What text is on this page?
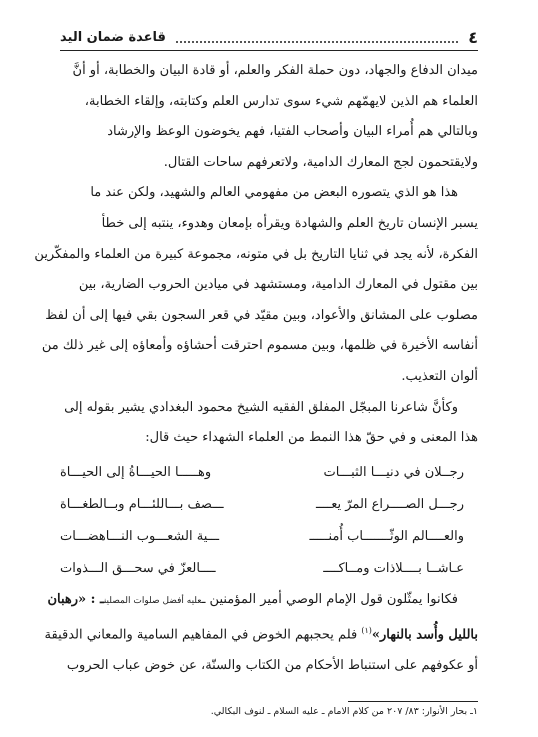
٤
قاعدة ضمان اليد

ميدان الدفاع والجهاد، دون حملة الفكر والعلم، أو قادة البيان والخطابة، أو أنَّ
العلماء هم الذين لايهمّهم شيء سوى تدارس العلم وكتابته، وإلقاء الخطابة،
وبالتالي هم أُمراء البيان وأصحاب الفتيا، فهم يخوضون الوعظ والإرشاد
ولايقتحمون لجج المعارك الدامية، ولاتعرفهم ساحات القتال.

هذا هو الذي يتصوره البعض من مفهومي العالم والشهيد، ولكن عند ما
يسبر الإنسان تاريخ العلم والشهادة ويقرأه بإمعان وهدوء، ينتبه إلى خطأ
الفكرة، لأنه يجد في ثنايا التاريخ بل في متونه، مجموعة كبيرة من العلماء والمفكّرين
بين مقتول في المعارك الدامية، ومستشهد في ميادين الحروب الضارية، بين
مصلوب على المشانق والأعواد، وبين مقيّد في قعر السجون بقي فيها إلى أن لفظ
أنفاسه الأخيرة في ظلمها، وبين مسموم احترقت أحشاؤه وأمعاؤه إلى غير ذلك من
ألوان التعذيب.

وكأنَّ شاعرنا المبجّل المفلق الفقيه الشيخ محمود البغدادي يشير بقوله إلى
هذا المعنى و في حقّ هذا النمط من العلماء الشهداء حيث قال:

رجــلان في دنيـــا الثبـــات
وهـــــا الحيـــاةُ إلى الحيـــاة
رجـــل الصــــراع المرّ يعــــ
ـــصف بـــاللئـــام وبــالطغـــاة
والعــــالم الوثّـــــــاب أُمنـــــ
ـــية الشعـــوب النـــاهضـــات
عـاشــا بــــلاذات ومــاكــــ
ــــالعزّ في سحـــق الـــذوات

فكانوا يمثّلون قول الإمام الوصي أمير المؤمنين ـعليه أفضل صلوات المصلينـ : «رهبان
بالليل وأُسد بالنهار»$^{(١)}$ فلم يحجبهم الخوض في المفاهيم السامية والمعاني الدقيقة
أو عكوفهم على استنباط الأحكام من الكتاب والسنّة، عن خوض عباب الحروب

١ـ بحار الأنوار: ٨٣/ ٢٠٧ من كلام الامام ـ عليه السلام ـ لنوف البكالي.
